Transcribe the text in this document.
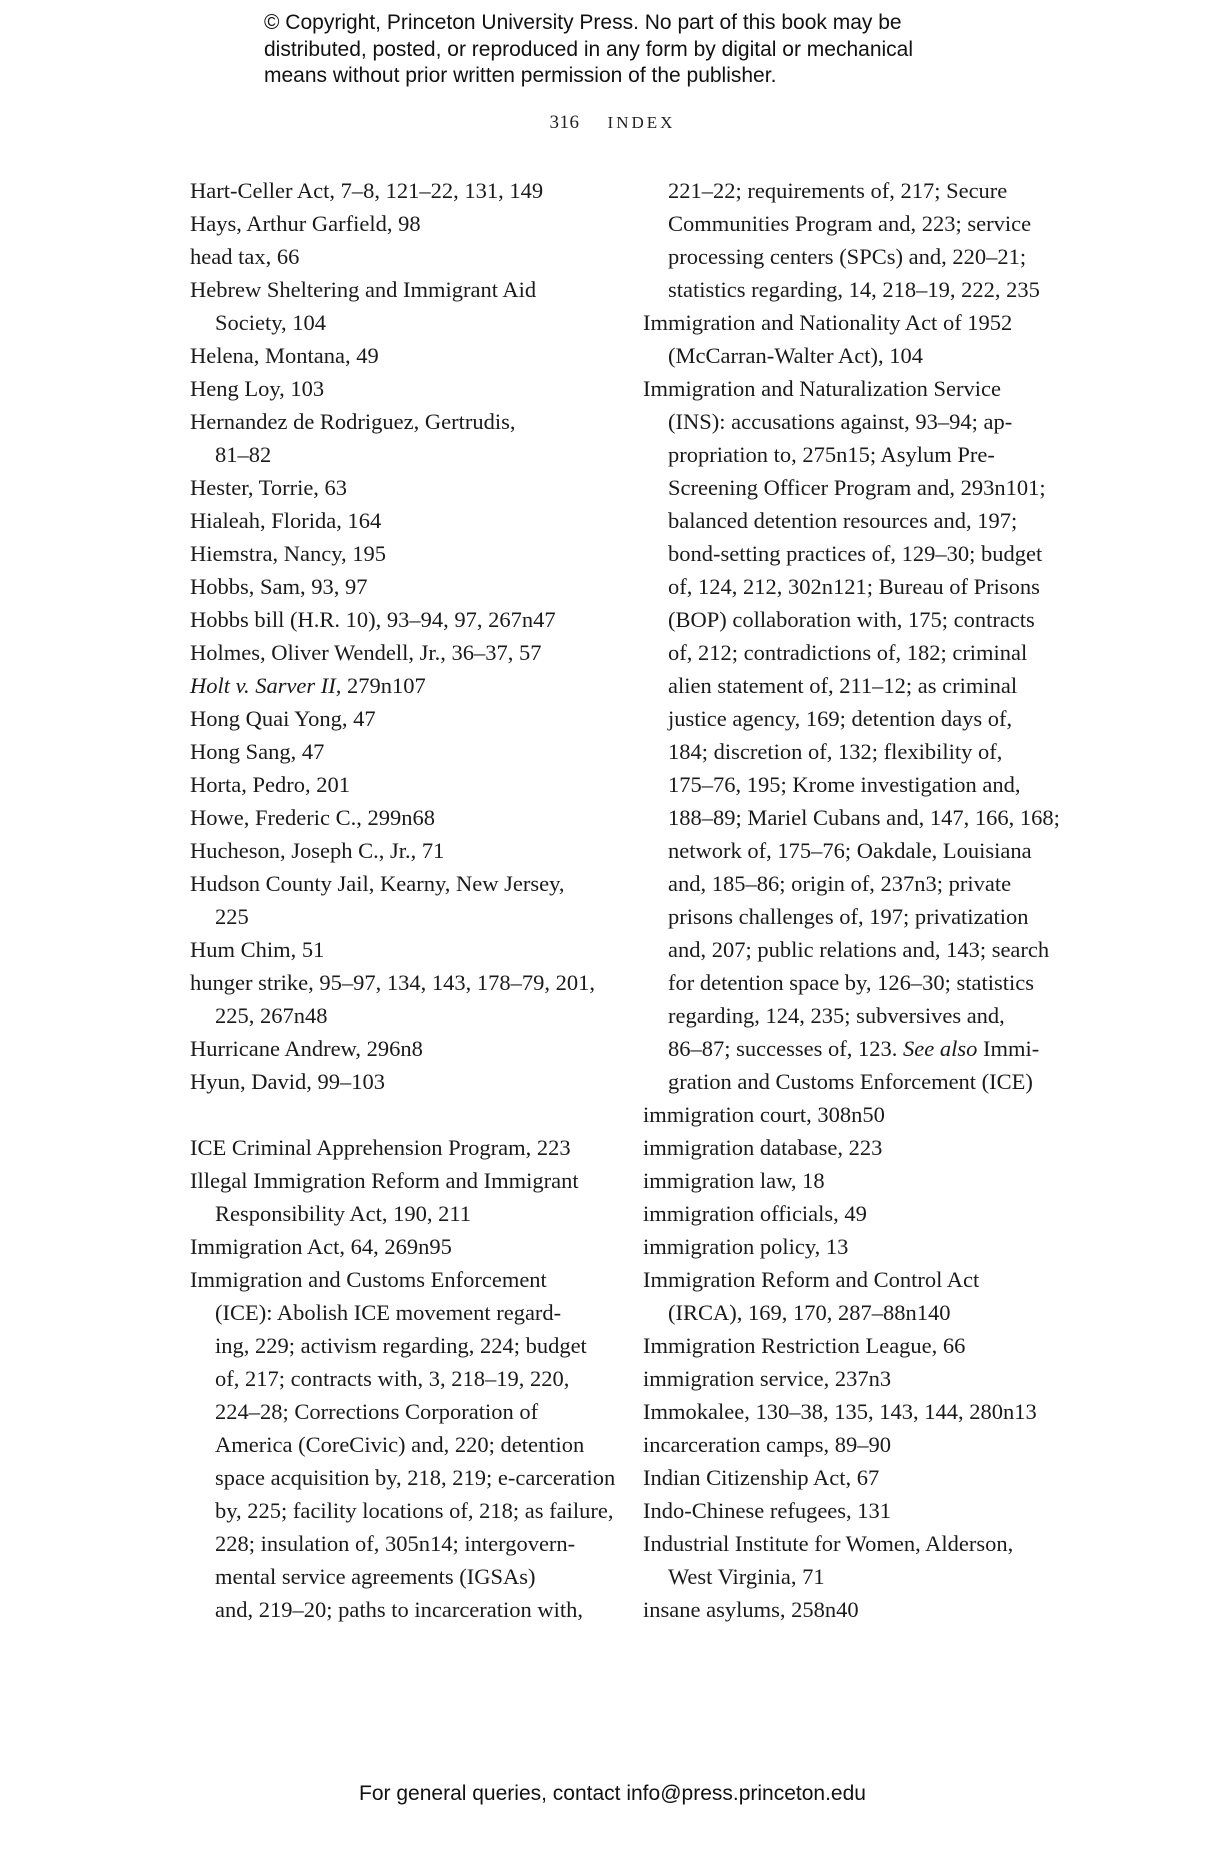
© Copyright, Princeton University Press. No part of this book may be
distributed, posted, or reproduced in any form by digital or mechanical
means without prior written permission of the publisher.
316 INDEX
Hart-Celler Act, 7–8, 121–22, 131, 149
Hays, Arthur Garfield, 98
head tax, 66
Hebrew Sheltering and Immigrant Aid
Society, 104
Helena, Montana, 49
Heng Loy, 103
Hernandez de Rodriguez, Gertrudis,
81–82
Hester, Torrie, 63
Hialeah, Florida, 164
Hiemstra, Nancy, 195
Hobbs, Sam, 93, 97
Hobbs bill (H.R. 10), 93–94, 97, 267n47
Holmes, Oliver Wendell, Jr., 36–37, 57
Holt v. Sarver II, 279n107
Hong Quai Yong, 47
Hong Sang, 47
Horta, Pedro, 201
Howe, Frederic C., 299n68
Hucheson, Joseph C., Jr., 71
Hudson County Jail, Kearny, New Jersey,
225
Hum Chim, 51
hunger strike, 95–97, 134, 143, 178–79, 201,
225, 267n48
Hurricane Andrew, 296n8
Hyun, David, 99–103
ICE Criminal Apprehension Program, 223
Illegal Immigration Reform and Immigrant
Responsibility Act, 190, 211
Immigration Act, 64, 269n95
Immigration and Customs Enforcement
(ICE): Abolish ICE movement regard-
ing, 229; activism regarding, 224; budget
of, 217; contracts with, 3, 218–19, 220,
224–28; Corrections Corporation of
America (CoreCivic) and, 220; detention
space acquisition by, 218, 219; e-carceration
by, 225; facility locations of, 218; as failure,
228; insulation of, 305n14; intergovern-
mental service agreements (IGSAs)
and, 219–20; paths to incarceration with,
221–22; requirements of, 217; Secure
Communities Program and, 223; service
processing centers (SPCs) and, 220–21;
statistics regarding, 14, 218–19, 222, 235
Immigration and Nationality Act of 1952
(McCarran-Walter Act), 104
Immigration and Naturalization Service
(INS): accusations against, 93–94; ap-
propriation to, 275n15; Asylum Pre-
Screening Officer Program and, 293n101;
balanced detention resources and, 197;
bond-setting practices of, 129–30; budget
of, 124, 212, 302n121; Bureau of Prisons
(BOP) collaboration with, 175; contracts
of, 212; contradictions of, 182; criminal
alien statement of, 211–12; as criminal
justice agency, 169; detention days of,
184; discretion of, 132; flexibility of,
175–76, 195; Krome investigation and,
188–89; Mariel Cubans and, 147, 166, 168;
network of, 175–76; Oakdale, Louisiana
and, 185–86; origin of, 237n3; private
prisons challenges of, 197; privatization
and, 207; public relations and, 143; search
for detention space by, 126–30; statistics
regarding, 124, 235; subversives and,
86–87; successes of, 123. See also Immi-
gration and Customs Enforcement (ICE)
immigration court, 308n50
immigration database, 223
immigration law, 18
immigration officials, 49
immigration policy, 13
Immigration Reform and Control Act
(IRCA), 169, 170, 287–88n140
Immigration Restriction League, 66
immigration service, 237n3
Immokalee, 130–38, 135, 143, 144, 280n13
incarceration camps, 89–90
Indian Citizenship Act, 67
Indo-Chinese refugees, 131
Industrial Institute for Women, Alderson,
West Virginia, 71
insane asylums, 258n40
For general queries, contact info@press.princeton.edu
